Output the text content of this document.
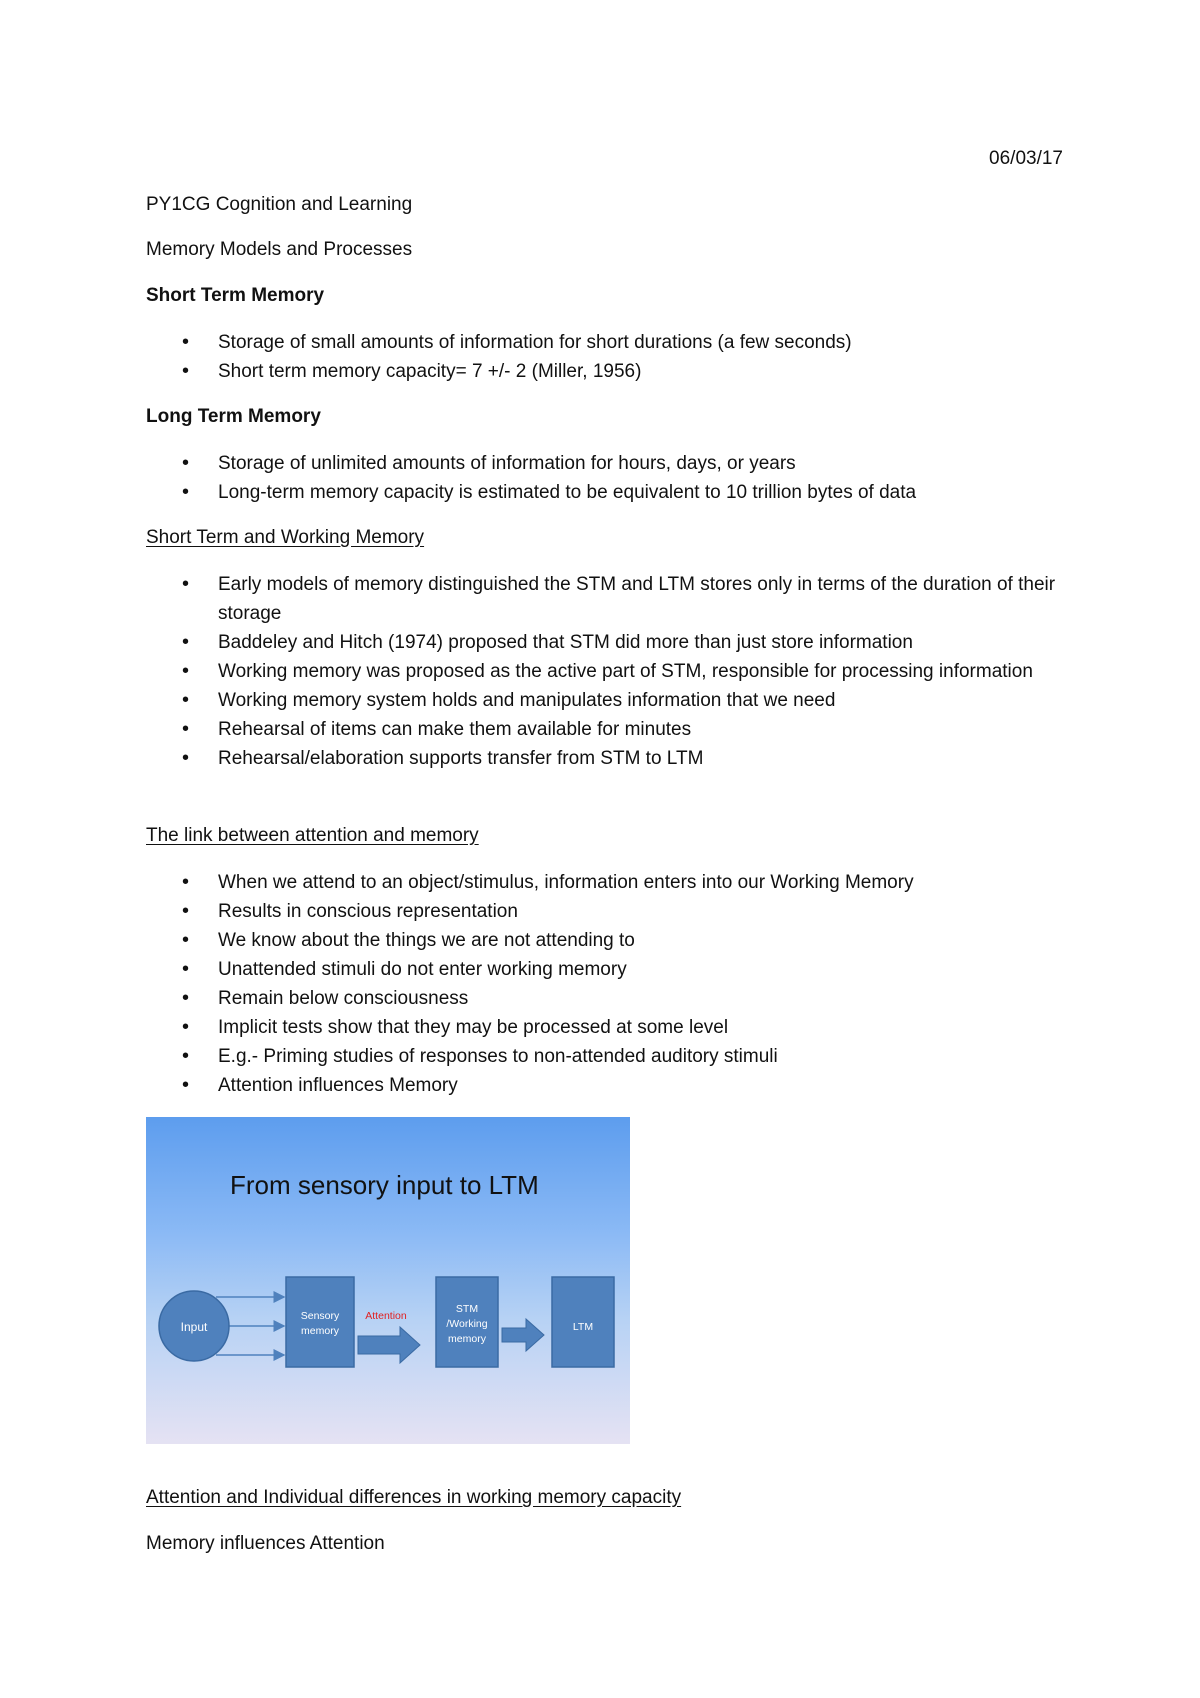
06/03/17
PY1CG Cognition and Learning
Memory Models and Processes
Short Term Memory
• Storage of small amounts of information for short durations (a few seconds)
• Short term memory capacity= 7 +/- 2 (Miller, 1956)
Long Term Memory
• Storage of unlimited amounts of information for hours, days, or years
• Long-term memory capacity is estimated to be equivalent to 10 trillion bytes of data
Short Term and Working Memory
• Early models of memory distinguished the STM and LTM stores only in terms of the duration of their storage
• Baddeley and Hitch (1974) proposed that STM did more than just store information
• Working memory was proposed as the active part of STM, responsible for processing information
• Working memory system holds and manipulates information that we need
• Rehearsal of items can make them available for minutes
• Rehearsal/elaboration supports transfer from STM to LTM
The link between attention and memory
• When we attend to an object/stimulus, information enters into our Working Memory
• Results in conscious representation
• We know about the things we are not attending to
• Unattended stimuli do not enter working memory
• Remain below consciousness
• Implicit tests show that they may be processed at some level
• E.g.- Priming studies of responses to non-attended auditory stimuli
• Attention influences Memory
From sensory input to LTM
Input
Sensory
memory
Attention
STM
/Working
memory
LTM
Attention and Individual differences in working memory capacity
Memory influences Attention
